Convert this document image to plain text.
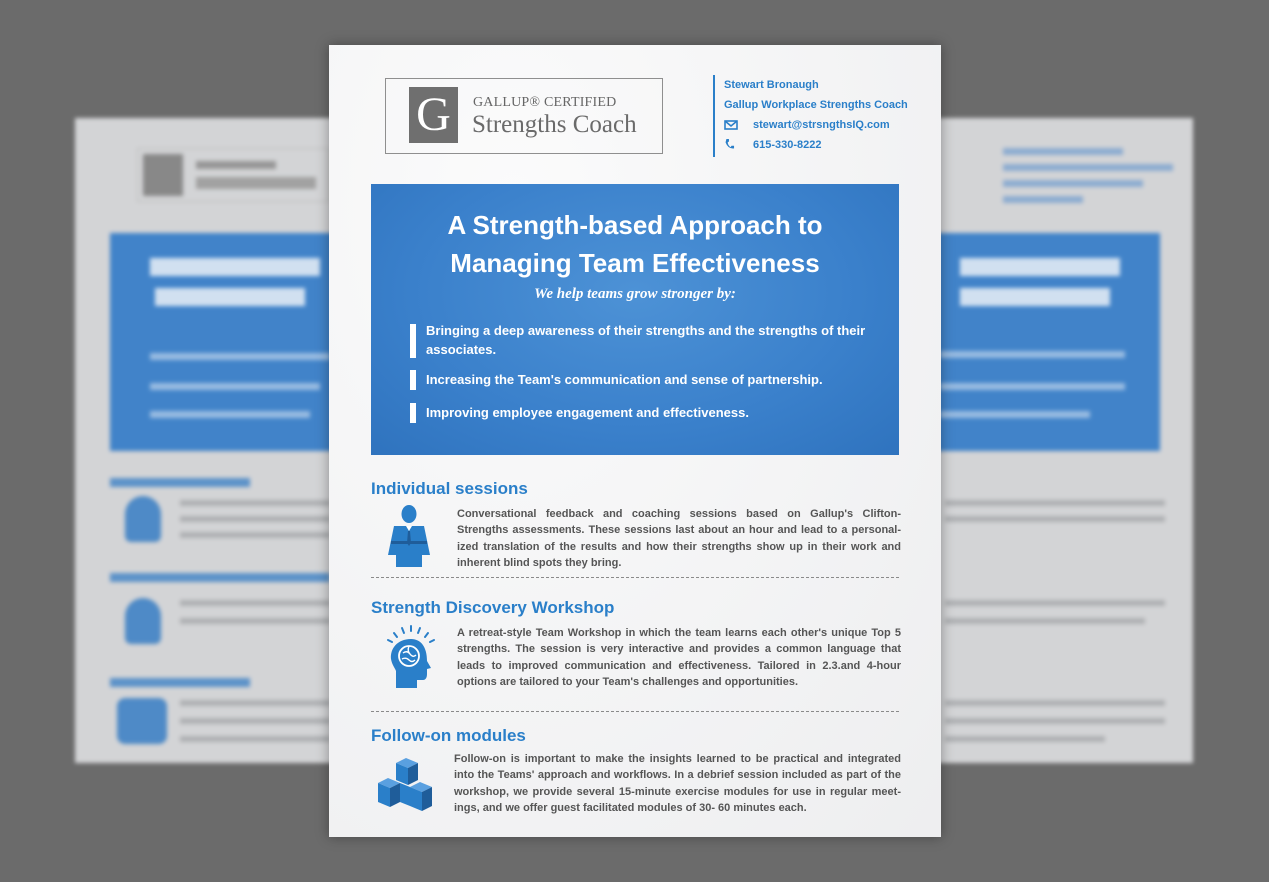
G	GALLUP® CERTIFIED
Strengths Coach
Stewart Bronaugh
Gallup Workplace Strengths Coach
stewart@strsngthsIQ.com
615-330-8222
A Strength-based Approach to
Managing Team Effectiveness
We help teams grow stronger by:
Bringing a deep awareness of their strengths and the strengths of their associates.
Increasing the Team's communication and sense of partnership.
Improving employee engagement and effectiveness.
Individual sessions
Conversational feedback and coaching sessions based on Gallup's Clifton-Strengths assessments. These sessions last about an hour and lead to a personal-ized translation of the results and how their strengths show up in their work and inherent blind spots they bring.
Strength Discovery Workshop
A retreat-style Team Workshop in which the team learns each other's unique Top 5 strengths. The session is very interactive and provides a common language that leads to improved communication and effectiveness. Tailored in 2.3.and 4-hour options are tailored to your Team's challenges and opportunities.
Follow-on modules
Follow-on is important to make the insights learned to be practical and integrated into the Teams' approach and workflows. In a debrief session included as part of the workshop, we provide several 15-minute exercise modules for use in regular meet-ings, and we offer guest facilitated modules of 30- 60 minutes each.
